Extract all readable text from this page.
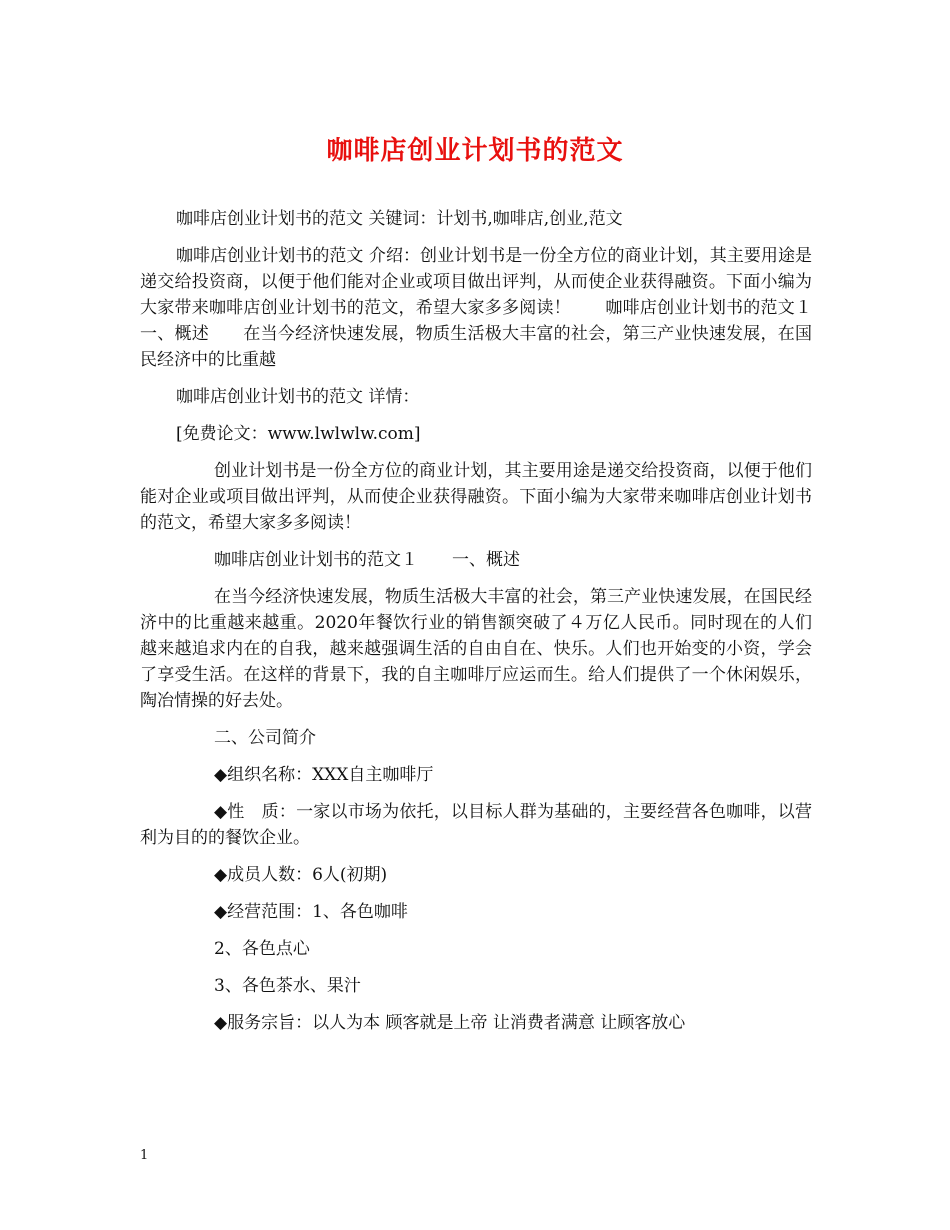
咖啡店创业计划书的范文

咖啡店创业计划书的范文 关键词：计划书,咖啡店,创业,范文

咖啡店创业计划书的范文 介绍：创业计划书是一份全方位的商业计划，其主要用途是递交给投资商，以便于他们能对企业或项目做出评判，从而使企业获得融资。下面小编为大家带来咖啡店创业计划书的范文，希望大家多多阅读！　　咖啡店创业计划书的范文１　　一、概述　　在当今经济快速发展，物质生活极大丰富的社会，第三产业快速发展，在国民经济中的比重越

咖啡店创业计划书的范文 详情：

[免费论文：www.lwlwlw.com]

创业计划书是一份全方位的商业计划，其主要用途是递交给投资商，以便于他们能对企业或项目做出评判，从而使企业获得融资。下面小编为大家带来咖啡店创业计划书的范文，希望大家多多阅读！

咖啡店创业计划书的范文１　　一、概述

在当今经济快速发展，物质生活极大丰富的社会，第三产业快速发展，在国民经济中的比重越来越重。2020年餐饮行业的销售额突破了４万亿人民币。同时现在的人们越来越追求内在的自我，越来越强调生活的自由自在、快乐。人们也开始变的小资，学会了享受生活。在这样的背景下，我的自主咖啡厅应运而生。给人们提供了一个休闲娱乐，陶冶情操的好去处。

二、公司简介

◆组织名称：XXX自主咖啡厅

◆性　质：一家以市场为依托，以目标人群为基础的，主要经营各色咖啡，以营利为目的的餐饮企业。

◆成员人数：6人(初期)

◆经营范围：1、各色咖啡

2、各色点心

3、各色茶水、果汁

◆服务宗旨：以人为本 顾客就是上帝 让消费者满意 让顾客放心

1
